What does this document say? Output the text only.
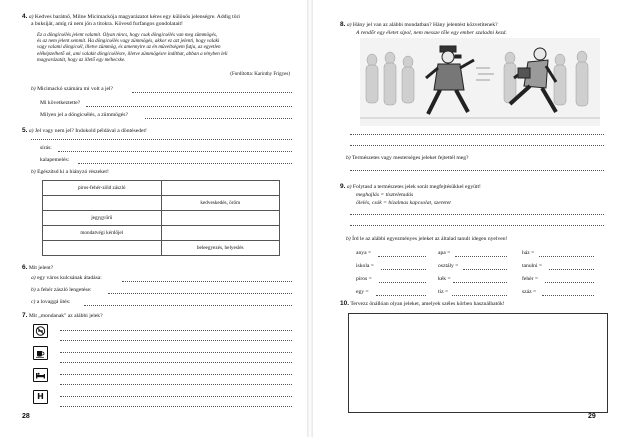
4. a) Kedves barátnő, Milne Micimackója magyarázatot kéres egy különös jelenségre. Addig töri
a buksiját, amíg rá nem jön a titokra. Kövesd furfangos gondolatait!
Ez a döngicsélés jelent valamit. Olyan nincs, hogy csak döngicsélés van meg zümmögés,
és az nem jelent semmit. Ha döngicsélés vagy zümmögés, akkor ez azt jelenti, hogy valaki
vagy valami döngicsél, illetve zümmög, és amennyire az én mûveltségem futja, az egyetlen
eléképzelhető ok, ami valakit döngicsélésre, illetve zümmögésre indíthat, abban a tényben leli
magyarázatát, hogy az illető egy méhecske.
(Fordította: Karinthy Frigyes)
b) Micimackó számára mi volt a jel?
Mi következtette?
Milyen jel a döngicsélés, a zümmögés?
5. a) Jel vagy nem jel? Indokold példával a döntésedet!
sírás:
kalapemelés:
b) Egészítsd ki a hiányzó részeket!
piros-fehér-zöld zászló	
	kedveskedés, öröm
jegygyűrű	
mondatvégi kérdőjel	
	beleegyezés, helyeslés
6. Mit jelent?
a) egy város kulcsának átadása:
b) a fehér zászló lengetése:
c) a lovaggá ütés:
7. Mit „mondanak" az alábbi jelek?
H
28
8. a) Hány jel van az alábbi mondatban? Hány jelentést közvetítenek?
A rendőr egy életet sípol, nem messze tőle egy ember szaladni kezd.
b) Természetes vagy mesterséges jeleket fejtettél meg?
9. a) Folytasd a természetes jelek sorát megfejtésükkel együtt!
meghajlás = tiszteletadás
ölelés, csók = bizalmas kapcsolat, szeretet
b) Írd le az alábbi egyezményes jeleket az általad tanult idegen nyelven!
anya =	apa =	ház =
iskola =	osztály =	tanulni =
piros =	kék =	fehér =
egy =	tíz =	száz =
10. Tervezz önállóan olyan jeleket, amelyek széles körben használhatók!
29
